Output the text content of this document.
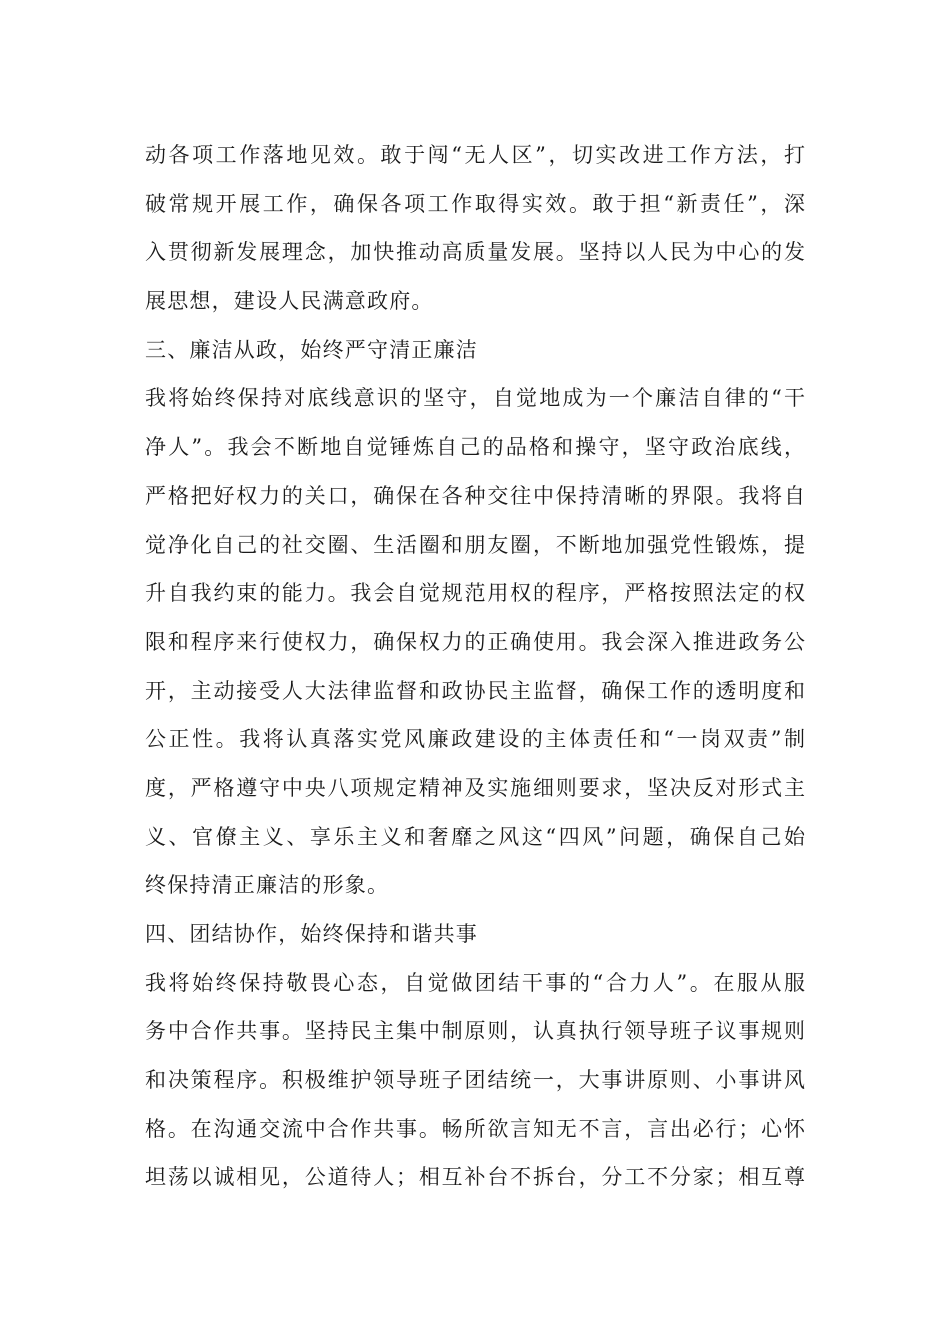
动各项工作落地见效。敢于闯“无人区”，切实改进工作方法，打
破常规开展工作，确保各项工作取得实效。敢于担“新责任”，深
入贯彻新发展理念，加快推动高质量发展。坚持以人民为中心的发
展思想，建设人民满意政府。
三、廉洁从政，始终严守清正廉洁
我将始终保持对底线意识的坚守，自觉地成为一个廉洁自律的“干
净人”。我会不断地自觉锤炼自己的品格和操守，坚守政治底线，
严格把好权力的关口，确保在各种交往中保持清晰的界限。我将自
觉净化自己的社交圈、生活圈和朋友圈，不断地加强党性锻炼，提
升自我约束的能力。我会自觉规范用权的程序，严格按照法定的权
限和程序来行使权力，确保权力的正确使用。我会深入推进政务公
开，主动接受人大法律监督和政协民主监督，确保工作的透明度和
公正性。我将认真落实党风廉政建设的主体责任和“一岗双责”制
度，严格遵守中央八项规定精神及实施细则要求，坚决反对形式主
义、官僚主义、享乐主义和奢靡之风这“四风”问题，确保自己始
终保持清正廉洁的形象。
四、团结协作，始终保持和谐共事
我将始终保持敬畏心态，自觉做团结干事的“合力人”。在服从服
务中合作共事。坚持民主集中制原则，认真执行领导班子议事规则
和决策程序。积极维护领导班子团结统一，大事讲原则、小事讲风
格。在沟通交流中合作共事。畅所欲言知无不言，言出必行；心怀
坦荡以诚相见，公道待人；相互补台不拆台，分工不分家；相互尊
